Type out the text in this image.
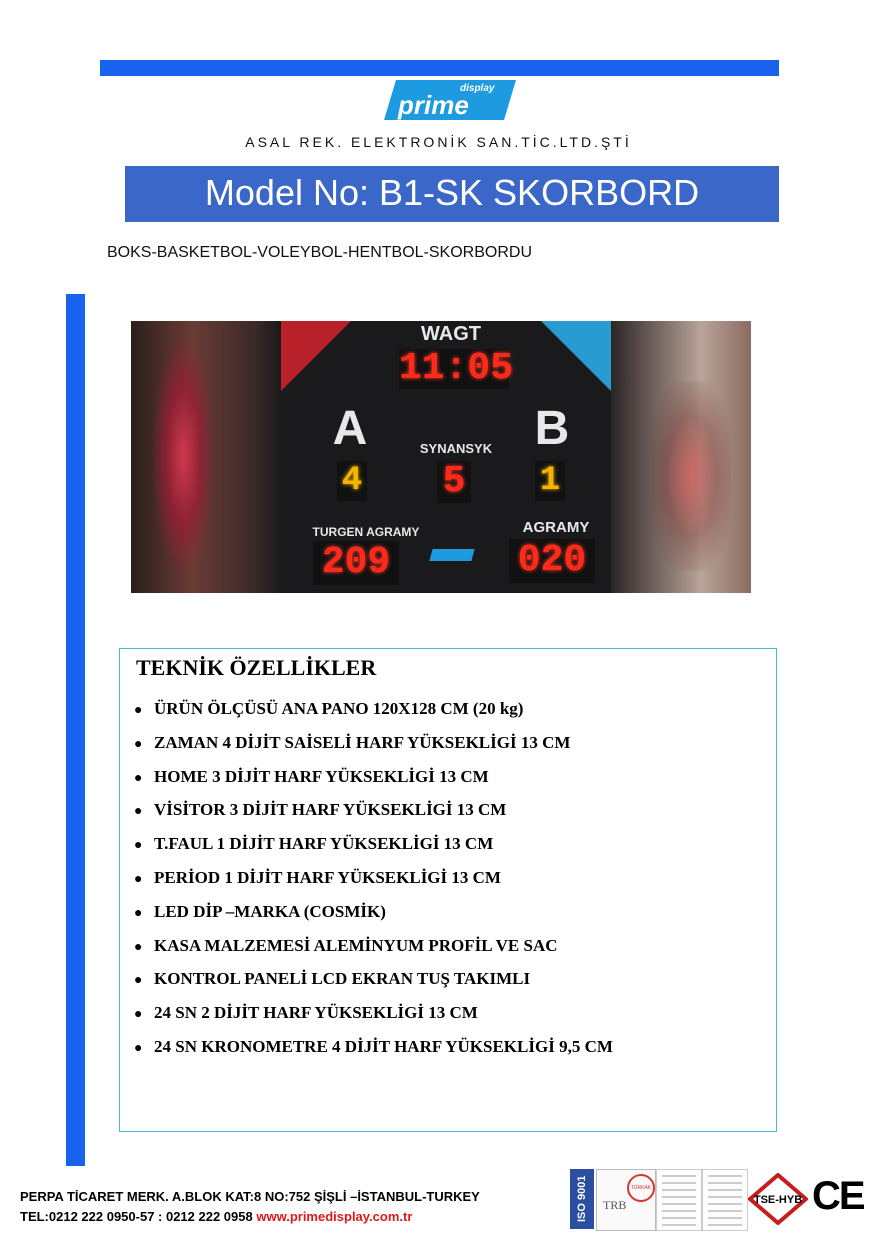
display
prime
ASAL REK. ELEKTRONİK SAN.TİC.LTD.ŞTİ
Model No: B1-SK SKORBORD
BOKS-BASKETBOL-VOLEYBOL-HENTBOL-SKORBORDU
WAGT
11:05
A	B
SYNANSYK
5
4	1
TURGEN AGRAMY	AGRAMY
209	020
TEKNİK ÖZELLİKLER
● ÜRÜN ÖLÇÜSÜ ANA PANO 120X128 CM (20 kg)
● ZAMAN 4 DİJİT SAİSELİ HARF YÜKSEKLİGİ 13 CM
● HOME 3 DİJİT HARF YÜKSEKLİGİ 13 CM
● VİSİTOR 3 DİJİT HARF YÜKSEKLİGİ 13 CM
● T.FAUL 1 DİJİT HARF YÜKSEKLİGİ 13 CM
● PERİOD 1 DİJİT HARF YÜKSEKLİGİ 13 CM
● LED DİP –MARKA (COSMİK)
● KASA MALZEMESİ ALEMİNYUM PROFİL VE SAC
● KONTROL PANELİ LCD EKRAN TUŞ TAKIMLI
● 24 SN 2 DİJİT HARF YÜKSEKLİGİ 13 CM
● 24 SN KRONOMETRE 4 DİJİT HARF YÜKSEKLİGİ 9,5 CM
PERPA TİCARET MERK. A.BLOK KAT:8 NO:752 ŞİŞLİ –İSTANBUL-TURKEY
TEL:0212 222 0950-57 : 0212 222 0958 www.primedisplay.com.tr	ISO 9001	TRB
TÜRKAK
TSE-HYB CE
